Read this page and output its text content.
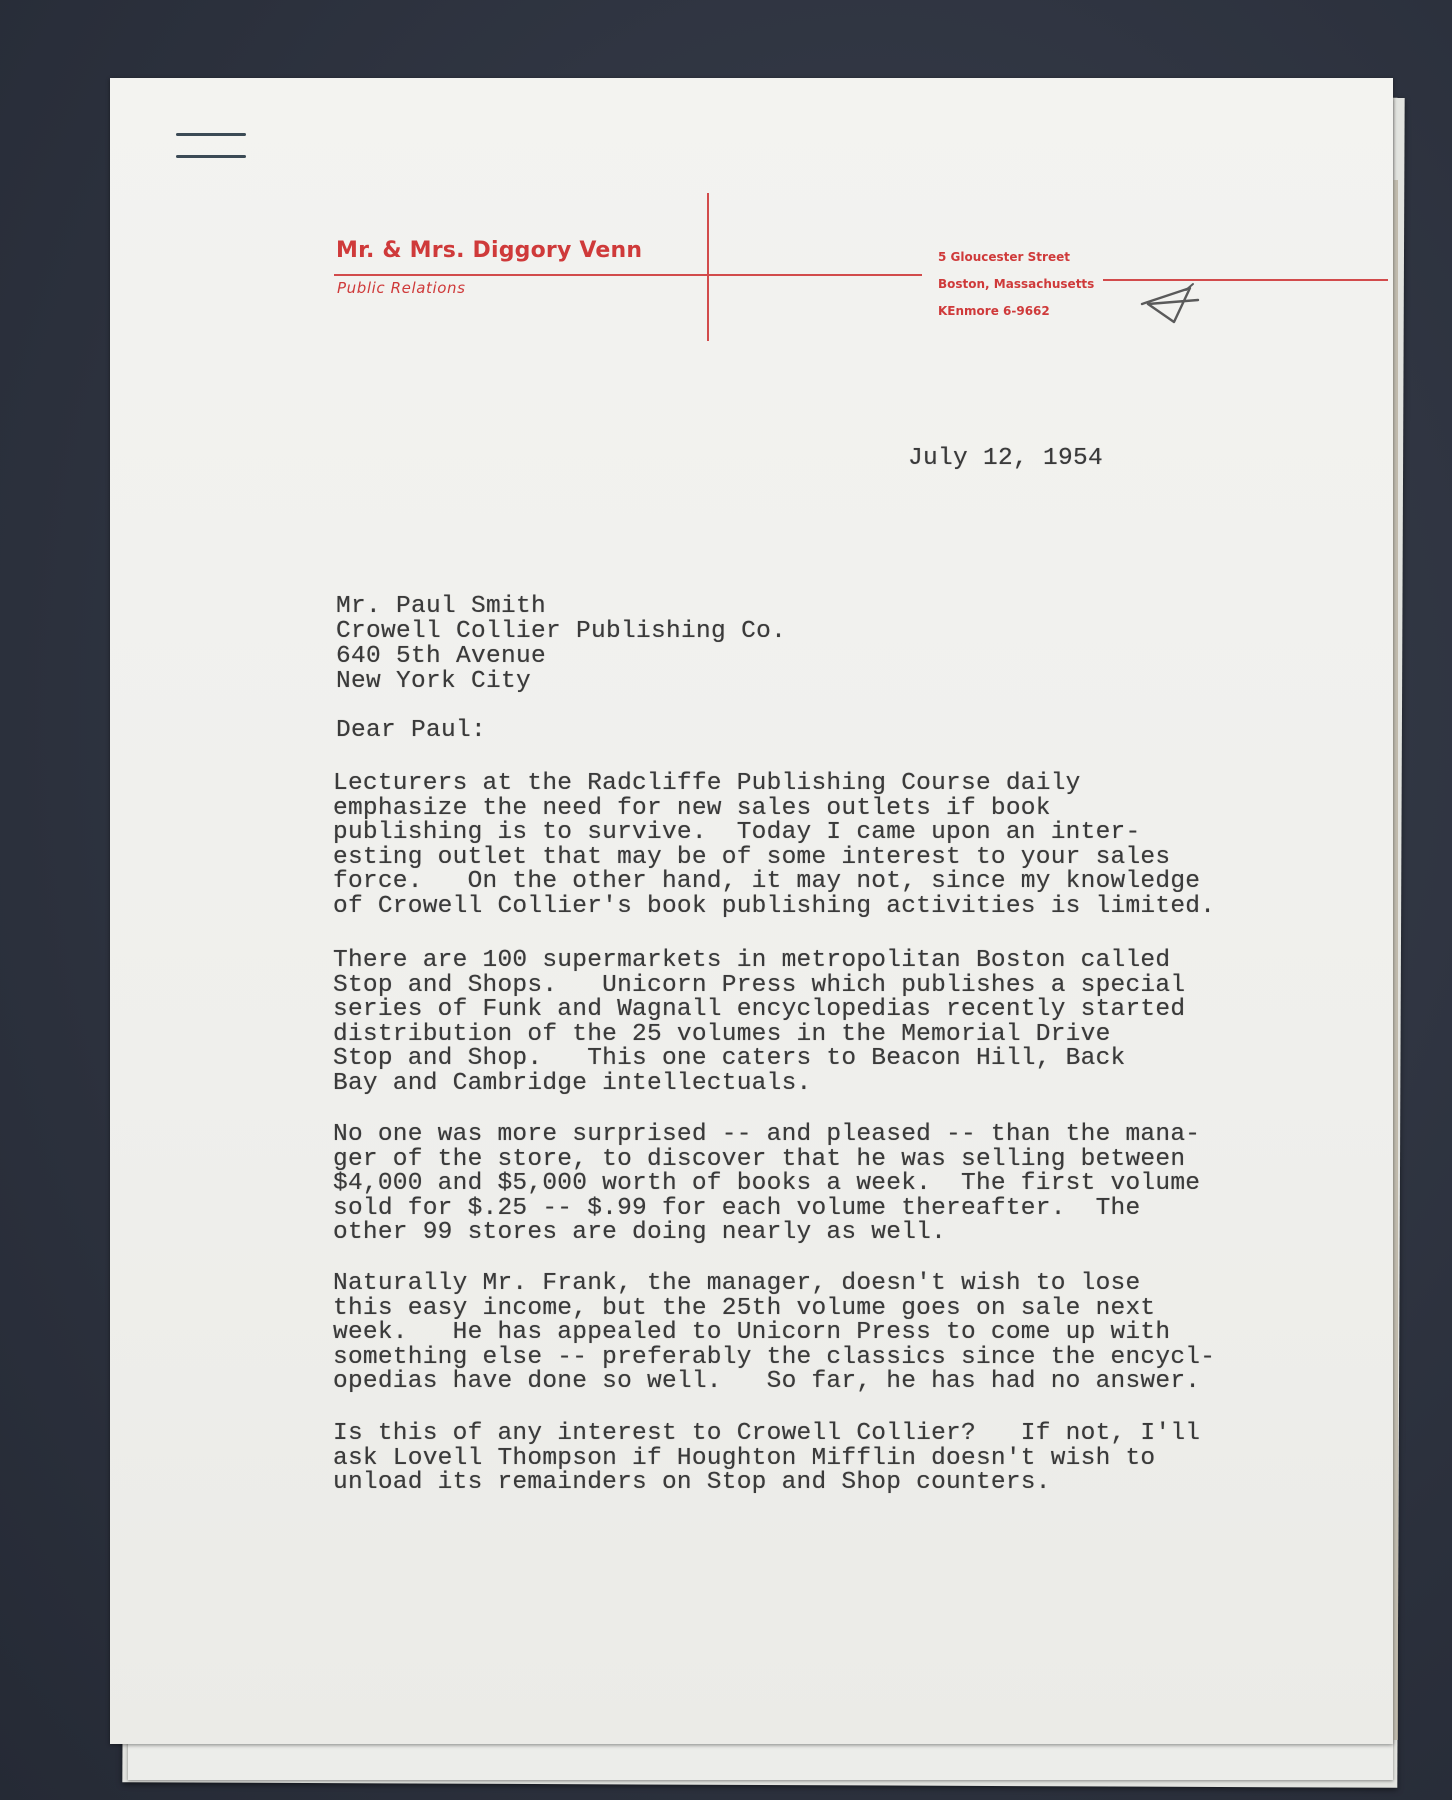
Mr. & Mrs. Diggory Venn
Public Relations
5 Gloucester Street
Boston, Massachusetts
KEnmore 6-9662
July 12, 1954
Mr. Paul Smith
Crowell Collier Publishing Co.
640 5th Avenue
New York City
Dear Paul:
Lecturers at the Radcliffe Publishing Course daily
emphasize the need for new sales outlets if book
publishing is to survive.  Today I came upon an inter-
esting outlet that may be of some interest to your sales
force.   On the other hand, it may not, since my knowledge
of Crowell Collier's book publishing activities is limited.
There are 100 supermarkets in metropolitan Boston called
Stop and Shops.   Unicorn Press which publishes a special
series of Funk and Wagnall encyclopedias recently started
distribution of the 25 volumes in the Memorial Drive
Stop and Shop.   This one caters to Beacon Hill, Back
Bay and Cambridge intellectuals.
No one was more surprised -- and pleased -- than the mana-
ger of the store, to discover that he was selling between
$4,000 and $5,000 worth of books a week.  The first volume
sold for $.25 -- $.99 for each volume thereafter.  The
other 99 stores are doing nearly as well.
Naturally Mr. Frank, the manager, doesn't wish to lose
this easy income, but the 25th volume goes on sale next
week.   He has appealed to Unicorn Press to come up with
something else -- preferably the classics since the encycl-
opedias have done so well.   So far, he has had no answer.
Is this of any interest to Crowell Collier?   If not, I'll
ask Lovell Thompson if Houghton Mifflin doesn't wish to
unload its remainders on Stop and Shop counters.
